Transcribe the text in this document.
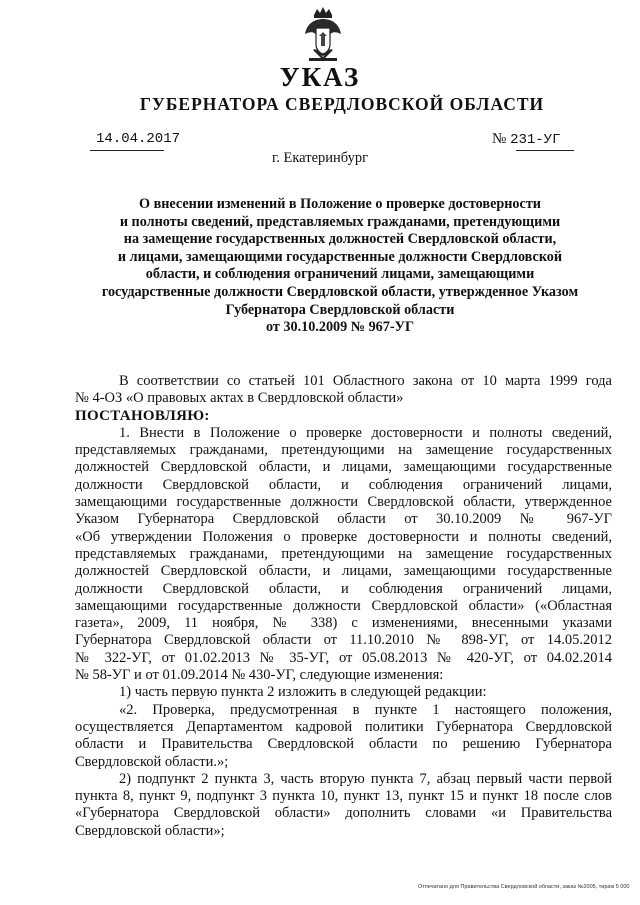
УКАЗ
ГУБЕРНАТОРА СВЕРДЛОВСКОЙ ОБЛАСТИ
14.04.2017	№ 231-УГ
г. Екатеринбург
О внесении изменений в Положение о проверке достоверности
и полноты сведений, представляемых гражданами, претендующими
на замещение государственных должностей Свердловской области,
и лицами, замещающими государственные должности Свердловской
области, и соблюдения ограничений лицами, замещающими
государственные должности Свердловской области, утвержденное Указом
Губернатора Свердловской области
от 30.10.2009 № 967-УГ
В соответствии со статьей 101 Областного закона от 10 марта 1999 года
№ 4-ОЗ «О правовых актах в Свердловской области»
ПОСТАНОВЛЯЮ:
1. Внести в Положение о проверке достоверности и полноты сведений,
представляемых гражданами, претендующими на замещение государственных
должностей Свердловской области, и лицами, замещающими государственные
должности Свердловской области, и соблюдения ограничений лицами,
замещающими государственные должности Свердловской области, утвержденное
Указом Губернатора Свердловской области от 30.10.2009 № 967-УГ
«Об утверждении Положения о проверке достоверности и полноты сведений,
представляемых гражданами, претендующими на замещение государственных
должностей Свердловской области, и лицами, замещающими государственные
должности Свердловской области, и соблюдения ограничений лицами,
замещающими государственные должности Свердловской области» («Областная
газета», 2009, 11 ноября, № 338) с изменениями, внесенными указами
Губернатора Свердловской области от 11.10.2010 № 898-УГ, от 14.05.2012
№ 322-УГ, от 01.02.2013 № 35-УГ, от 05.08.2013 № 420-УГ, от 04.02.2014
№ 58-УГ и от 01.09.2014 № 430-УГ, следующие изменения:
1) часть первую пункта 2 изложить в следующей редакции:
«2. Проверка, предусмотренная в пункте 1 настоящего положения,
осуществляется Департаментом кадровой политики Губернатора Свердловской
области и Правительства Свердловской области по решению Губернатора
Свердловской области.»;
2) подпункт 2 пункта 3, часть вторую пункта 7, абзац первый части первой
пункта 8, пункт 9, подпункт 3 пункта 10, пункт 13, пункт 15 и пункт 18 после слов
«Губернатора Свердловской области» дополнить словами «и Правительства
Свердловской области»;
Отпечатано для Правительства Свердловской области, заказ №2005, тираж 5 000
